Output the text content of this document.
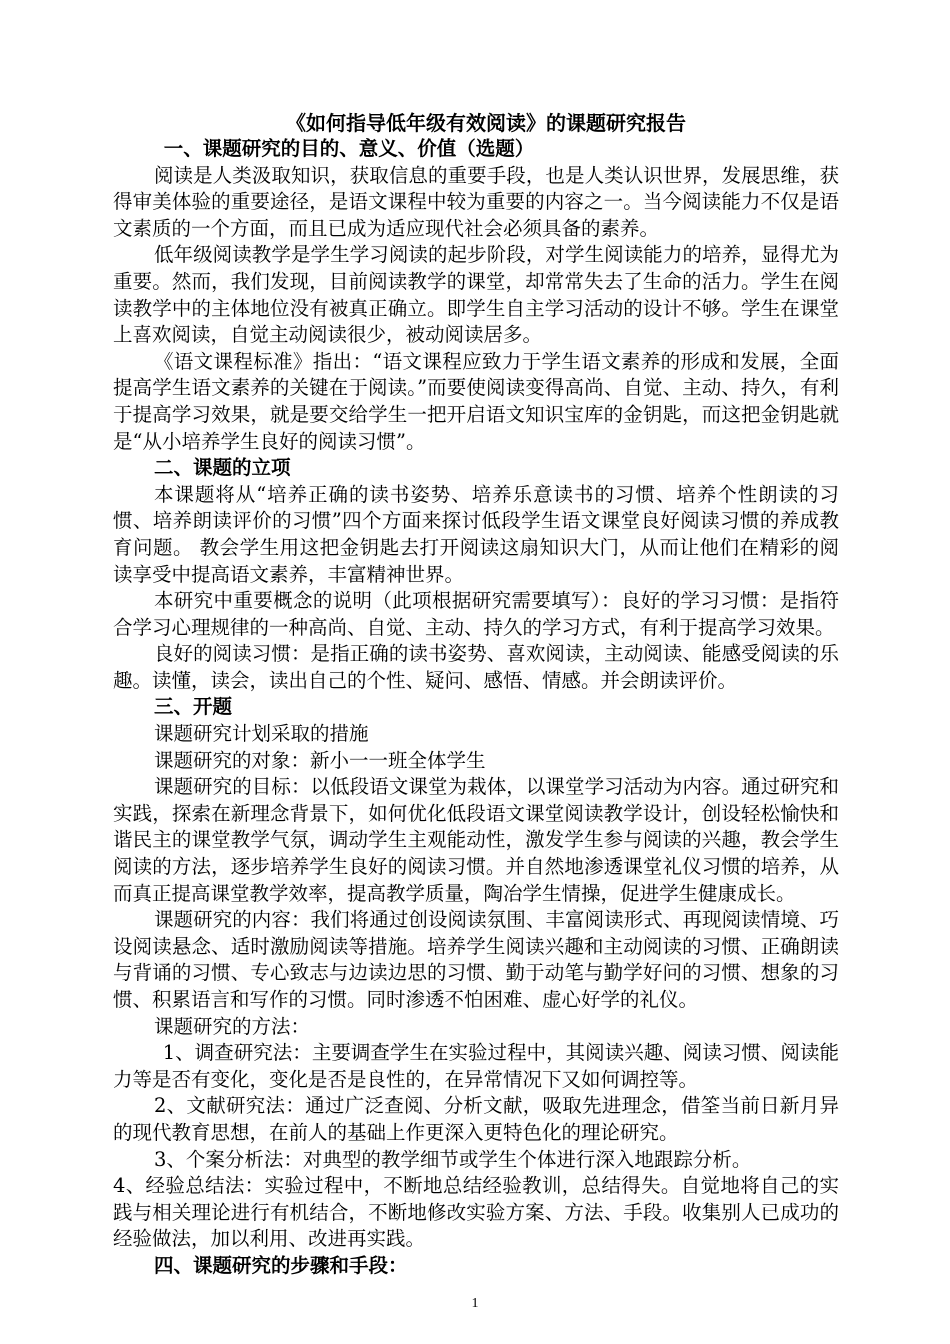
《如何指导低年级有效阅读》的课题研究报告

一、课题研究的目的、意义、价值（选题）

阅读是人类汲取知识，获取信息的重要手段，也是人类认识世界，发展思维，获得审美体验的重要途径，是语文课程中较为重要的内容之一。当今阅读能力不仅是语文素质的一个方面，而且已成为适应现代社会必须具备的素养。

低年级阅读教学是学生学习阅读的起步阶段，对学生阅读能力的培养，显得尤为重要。然而，我们发现，目前阅读教学的课堂，却常常失去了生命的活力。学生在阅读教学中的主体地位没有被真正确立。即学生自主学习活动的设计不够。学生在课堂上喜欢阅读，自觉主动阅读很少，被动阅读居多。

《语文课程标准》指出：“语文课程应致力于学生语文素养的形成和发展，全面提高学生语文素养的关键在于阅读。”而要使阅读变得高尚、自觉、主动、持久，有利于提高学习效果，就是要交给学生一把开启语文知识宝库的金钥匙，而这把金钥匙就是“从小培养学生良好的阅读习惯”。

二、课题的立项

本课题将从“培养正确的读书姿势、培养乐意读书的习惯、培养个性朗读的习惯、培养朗读评价的习惯”四个方面来探讨低段学生语文课堂良好阅读习惯的养成教育问题。 教会学生用这把金钥匙去打开阅读这扇知识大门，从而让他们在精彩的阅读享受中提高语文素养，丰富精神世界。

本研究中重要概念的说明（此项根据研究需要填写）：良好的学习习惯：是指符合学习心理规律的一种高尚、自觉、主动、持久的学习方式，有利于提高学习效果。

良好的阅读习惯：是指正确的读书姿势、喜欢阅读，主动阅读、能感受阅读的乐趣。读懂，读会，读出自己的个性、疑问、感悟、情感。并会朗读评价。

三、开题

课题研究计划采取的措施

课题研究的对象：新小一一班全体学生

课题研究的目标：以低段语文课堂为栽体，以课堂学习活动为内容。通过研究和实践，探索在新理念背景下，如何优化低段语文课堂阅读教学设计，创设轻松愉快和谐民主的课堂教学气氛，调动学生主观能动性，激发学生参与阅读的兴趣，教会学生阅读的方法，逐步培养学生良好的阅读习惯。并自然地渗透课堂礼仪习惯的培养，从而真正提高课堂教学效率，提高教学质量，陶冶学生情操，促进学生健康成长。

课题研究的内容：我们将通过创设阅读氛围、丰富阅读形式、再现阅读情境、巧设阅读悬念、适时激励阅读等措施。培养学生阅读兴趣和主动阅读的习惯、正确朗读与背诵的习惯、专心致志与边读边思的习惯、勤于动笔与勤学好问的习惯、想象的习惯、积累语言和写作的习惯。同时渗透不怕困难、虚心好学的礼仪。

课题研究的方法：

1、调查研究法：主要调查学生在实验过程中，其阅读兴趣、阅读习惯、阅读能力等是否有变化，变化是否是良性的，在异常情况下又如何调控等。

2、文献研究法：通过广泛查阅、分析文献，吸取先进理念，借筌当前日新月异的现代教育思想，在前人的基础上作更深入更特色化的理论研究。

3、个案分析法：对典型的教学细节或学生个体进行深入地跟踪分析。

4、经验总结法：实验过程中，不断地总结经验教训，总结得失。自觉地将自己的实践与相关理论进行有机结合，不断地修改实验方案、方法、手段。收集别人已成功的经验做法，加以利用、改进再实践。

四、课题研究的步骤和手段：

1
